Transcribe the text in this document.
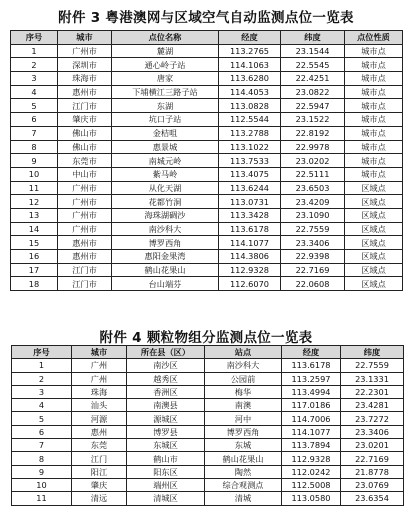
附件 3 粤港澳网与区域空气自动监测点位一览表
序号	城市	点位名称	经度	纬度	点位性质
1	广州市	麓湖	113.2765	23.1544	城市点
2	深圳市	通心岭子站	114.1063	22.5545	城市点
3	珠海市	唐家	113.6280	22.4251	城市点
4	惠州市	下埔横江三路子站	114.4053	23.0822	城市点
5	江门市	东湖	113.0828	22.5947	城市点
6	肇庆市	坑口子站	112.5544	23.1522	城市点
7	佛山市	金桔咀	113.2788	22.8192	城市点
8	佛山市	惠景城	113.1022	22.9978	城市点
9	东莞市	南城元岭	113.7533	23.0202	城市点
10	中山市	紫马岭	113.4075	22.5111	城市点
11	广州市	从化天湖	113.6244	23.6503	区域点
12	广州市	花都竹洞	113.0731	23.4209	区域点
13	广州市	海珠湖碉沙	113.3428	23.1090	区域点
14	广州市	南沙科大	113.6178	22.7559	区域点
15	惠州市	博罗西角	114.1077	23.3406	区域点
16	惠州市	惠阳金果湾	114.3806	22.9398	区域点
17	江门市	鹤山花果山	112.9328	22.7169	区域点
18	江门市	台山端芬	112.6070	22.0608	区域点
附件 4 颗粒物组分监测点位一览表
序号	城市	所在县（区）	站点	经度	纬度
1	广州	南沙区	南沙科大	113.6178	22.7559
2	广州	越秀区	公园前	113.2597	23.1331
3	珠海	香洲区	梅华	113.4994	22.2301
4	汕头	南澳县	南澳	117.0186	23.4281
5	河源	源城区	河中	114.7006	23.7272
6	惠州	博罗县	博罗西角	114.1077	23.3406
7	东莞	东城区	东城	113.7894	23.0201
8	江门	鹤山市	鹤山花果山	112.9328	22.7169
9	阳江	阳东区	陶然	112.0242	21.8778
10	肇庆	端州区	综合观测点	112.5008	23.0769
11	清远	清城区	清城	113.0580	23.6354
